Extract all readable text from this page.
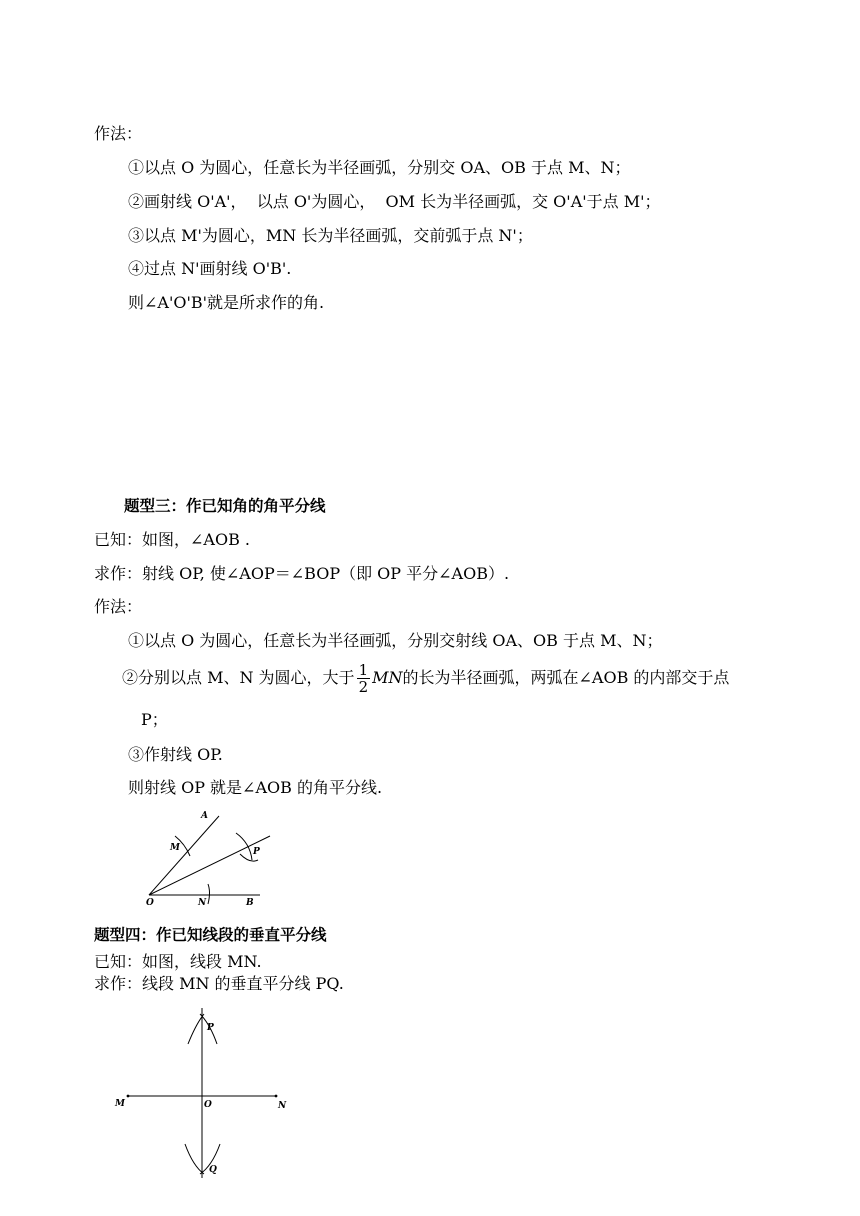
作法：
①以点 O 为圆心，任意长为半径画弧，分别交 OA、OB 于点 M、N；
②画射线 O'A'，  以点 O'为圆心，  OM 长为半径画弧，交 O'A'于点 M'；
③以点 M'为圆心，MN 长为半径画弧，交前弧于点 N'；
④过点 N'画射线 O'B'.
则∠A'O'B'就是所求作的角.
题型三：作已知角的角平分线
已知：如图，∠AOB .
求作：射线 OP, 使∠AOP＝∠BOP（即 OP 平分∠AOB）.
作法：
①以点 O 为圆心，任意长为半径画弧，分别交射线 OA、OB 于点 M、N；
②分别以点 M、N 为圆心，大于 $\frac{1}{2}$ MN的长为半径画弧，两弧在∠AOB 的内部交于点
P；
③作射线 OP.
则射线 OP 就是∠AOB 的角平分线.
A
M	P
O	N	B
题型四：作已知线段的垂直平分线
已知：如图，线段 MN.
求作：线段 MN 的垂直平分线 PQ.
P
M	O	N
Q
